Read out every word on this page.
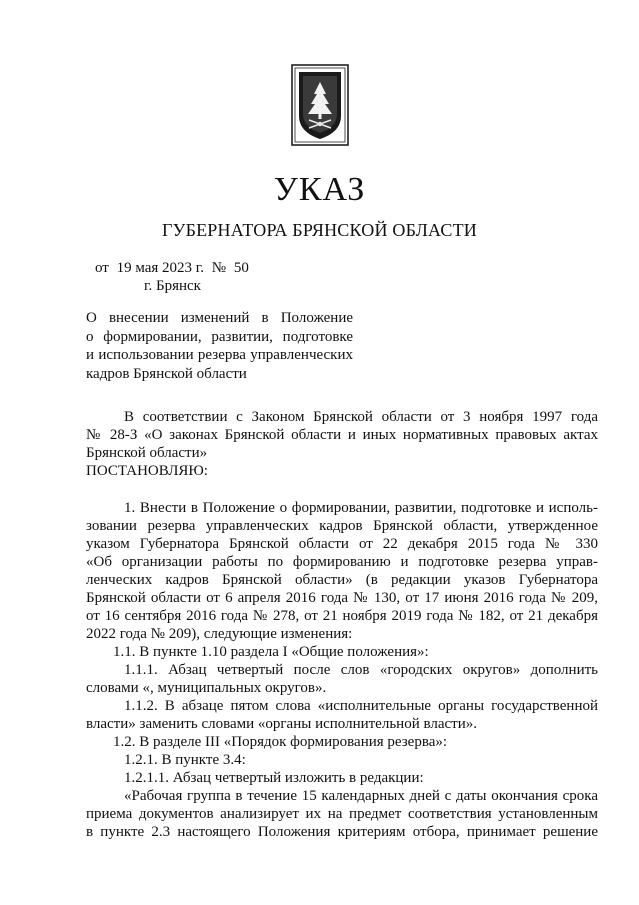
УКАЗ
ГУБЕРНАТОРА БРЯНСКОЙ ОБЛАСТИ
от 19 мая 2023 г. № 50
г. Брянск
О внесении изменений в Положение
о формировании, развитии, подготовке
и использовании резерва управленческих
кадров Брянской области
В соответствии с Законом Брянской области от 3 ноября 1997 года
№ 28-З «О законах Брянской области и иных нормативных правовых актах
Брянской области»
ПОСТАНОВЛЯЮ:
1. Внести в Положение о формировании, развитии, подготовке и исполь-
зовании резерва управленческих кадров Брянской области, утвержденное
указом Губернатора Брянской области от 22 декабря 2015 года № 330
«Об организации работы по формированию и подготовке резерва управ-
ленческих кадров Брянской области» (в редакции указов Губернатора
Брянской области от 6 апреля 2016 года № 130, от 17 июня 2016 года № 209,
от 16 сентября 2016 года № 278, от 21 ноября 2019 года № 182, от 21 декабря
2022 года № 209), следующие изменения:
1.1. В пункте 1.10 раздела I «Общие положения»:
1.1.1. Абзац четвертый после слов «городских округов» дополнить
словами «, муниципальных округов».
1.1.2. В абзаце пятом слова «исполнительные органы государственной
власти» заменить словами «органы исполнительной власти».
1.2. В разделе III «Порядок формирования резерва»:
1.2.1. В пункте 3.4:
1.2.1.1. Абзац четвертый изложить в редакции:
«Рабочая группа в течение 15 календарных дней с даты окончания срока
приема документов анализирует их на предмет соответствия установленным
в пункте 2.3 настоящего Положения критериям отбора, принимает решение
